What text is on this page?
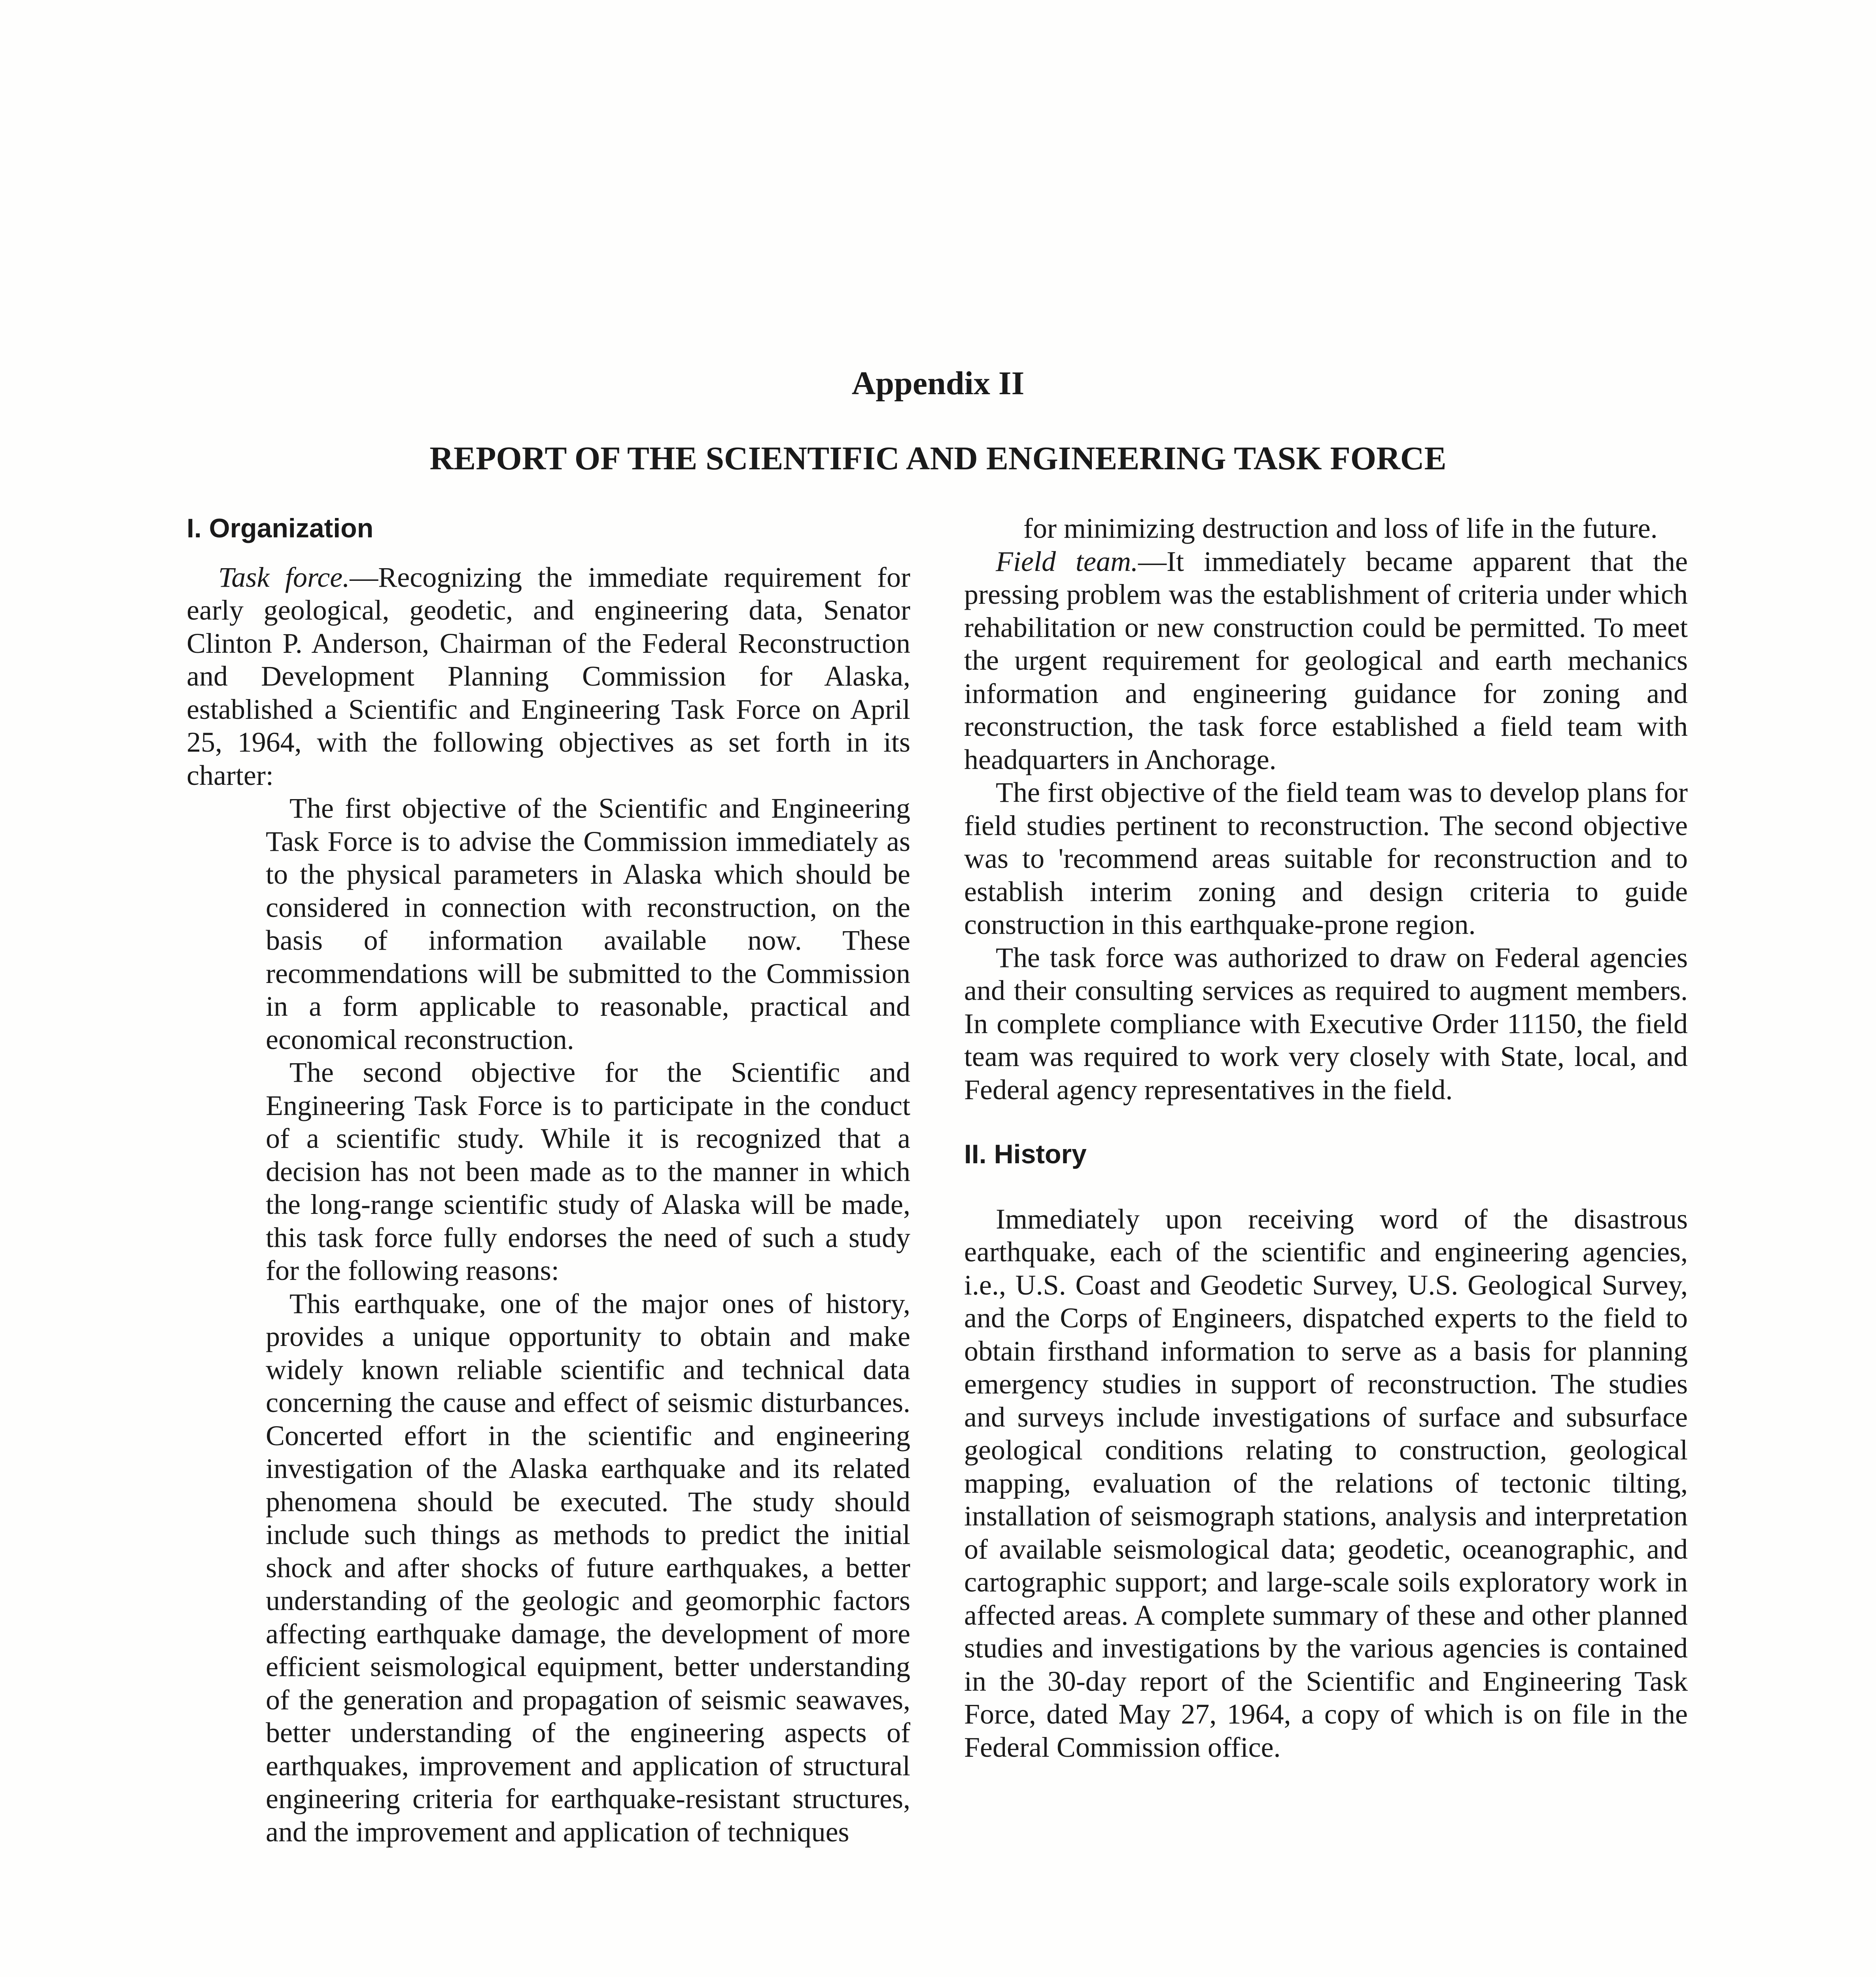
Appendix II
REPORT OF THE SCIENTIFIC AND ENGINEERING TASK FORCE
I. Organization

Task force.—Recognizing the immediate requirement for early geological, geodetic, and engineering data, Senator Clinton P. Anderson, Chairman of the Federal Reconstruction and Development Planning Commission for Alaska, established a Scientific and Engineering Task Force on April 25, 1964, with the following objectives as set forth in its charter:

The first objective of the Scientific and Engineering Task Force is to advise the Commission immediately as to the physical parameters in Alaska which should be considered in connection with reconstruction, on the basis of information available now. These recommendations will be submitted to the Commission in a form applicable to reasonable, practical and economical reconstruction.

The second objective for the Scientific and Engineering Task Force is to participate in the conduct of a scientific study. While it is recognized that a decision has not been made as to the manner in which the long-range scientific study of Alaska will be made, this task force fully endorses the need of such a study for the following reasons:

This earthquake, one of the major ones of history, provides a unique opportunity to obtain and make widely known reliable scientific and technical data concerning the cause and effect of seismic disturbances. Concerted effort in the scientific and engineering investigation of the Alaska earthquake and its related phenomena should be executed. The study should include such things as methods to predict the initial shock and after shocks of future earthquakes, a better understanding of the geologic and geomorphic factors affecting earthquake damage, the development of more efficient seismological equipment, better understanding of the generation and propagation of seismic seawaves, better understanding of the engineering aspects of earthquakes, improvement and application of structural engineering criteria for earthquake-resistant structures, and the improvement and application of techniques

for minimizing destruction and loss of life in the future.

Field team.—It immediately became apparent that the pressing problem was the establishment of criteria under which rehabilitation or new construction could be permitted. To meet the urgent requirement for geological and earth mechanics information and engineering guidance for zoning and reconstruction, the task force established a field team with headquarters in Anchorage.

The first objective of the field team was to develop plans for field studies pertinent to reconstruction. The second objective was to 'recommend areas suitable for reconstruction and to establish interim zoning and design criteria to guide construction in this earthquake-prone region.

The task force was authorized to draw on Federal agencies and their consulting services as required to augment members. In complete compliance with Executive Order 11150, the field team was required to work very closely with State, local, and Federal agency representatives in the field.

II. History

Immediately upon receiving word of the disastrous earthquake, each of the scientific and engineering agencies, i.e., U.S. Coast and Geodetic Survey, U.S. Geological Survey, and the Corps of Engineers, dispatched experts to the field to obtain firsthand information to serve as a basis for planning emergency studies in support of reconstruction. The studies and surveys include investigations of surface and subsurface geological conditions relating to construction, geological mapping, evaluation of the relations of tectonic tilting, installation of seismograph stations, analysis and interpretation of available seismological data; geodetic, oceanographic, and cartographic support; and large-scale soils exploratory work in affected areas. A complete summary of these and other planned studies and investigations by the various agencies is contained in the 30-day report of the Scientific and Engineering Task Force, dated May 27, 1964, a copy of which is on file in the Federal Commission office.
